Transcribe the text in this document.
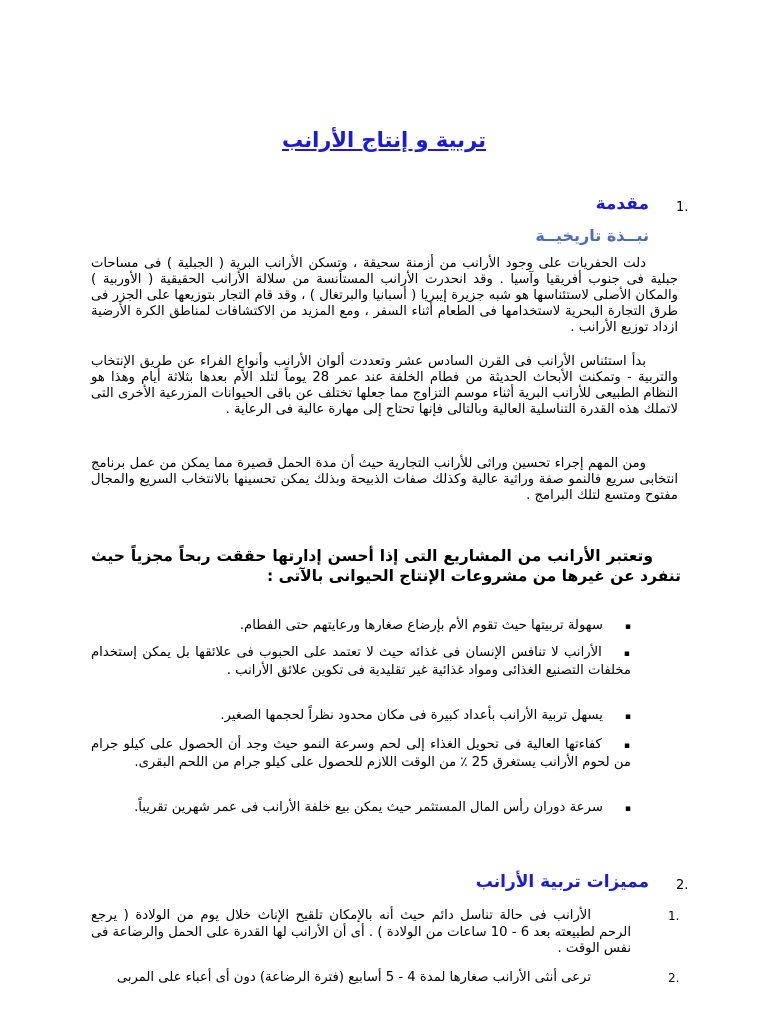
تربية و إنتاج الأرانب
1.
مقدمة
نبــذة تاريخيــة
دلت الحفريات على وجود الأرانب من أزمنة سحيقة ، وتسكن الأرانب البرية ( الجبلية ) فى مساحات جبلية فى جنوب أفريقيا وآسيا . وقد انحدرت الأرانب المستأنسة من سلالة الأرانب الحقيقية ( الأوربية ) والمكان الأصلى لاستئناسها هو شبه جزيرة إيبريا ( أسبانيا والبرتغال ) ، وقد قام التجار بتوزيعها على الجزر فى طرق التجارة البحرية لاستخدامها فى الطعام أثناء السفر ، ومع المزيد من الاكتشافات لمناطق الكرة الأرضية ازداد توزيع الأرانب .
بدأ استئناس الأرانب فى القرن السادس عشر وتعددت ألوان الأرانب وأنواع الفراء عن طريق الإنتخاب والتربية - وتمكنت الأبحاث الحديثة من فطام الخلفة عند عمر 28 يوماً لتلد الأم بعدها بثلاثة أيام وهذا هو النظام الطبيعى للأرانب البرية أثناء موسم التزاوج مما جعلها تختلف عن باقى الحيوانات المزرعية الأخرى التى لاتملك هذه القدرة التناسلية العالية وبالتالى فإنها تحتاج إلى مهارة عالية فى الرعاية .
ومن المهم إجراء تحسين وراثى للأرانب التجارية حيث أن مدة الحمل قصيرة مما يمكن من عمل برنامج انتخابى سريع فالنمو صفة وراثية عالية وكذلك صفات الذبيحة وبذلك يمكن تحسينها بالانتخاب السريع والمجال مفتوح ومتسع لتلك البرامج .
وتعتبر الأرانب من المشاريع التى إذا أحسن إدارتها حققت ربحاً مجزياً حيث تنفرد عن غيرها من مشروعات الإنتاج الحيوانى بالآتى :
▪سهولة تربيتها حيث تقوم الأم بإرضاع صغارها ورعايتهم حتى الفطام.
▪الأرانب لا تنافس الإنسان فى غذائه حيث لا تعتمد على الحبوب فى علائقها بل يمكن إستخدام مخلفات التصنيع الغذائى ومواد غذائية غير تقليدية فى تكوين علائق الأرانب .
▪يسهل تربية الأرانب بأعداد كبيرة فى مكان محدود نظراً لحجمها الصغير.
▪كفاءتها العالية فى تحويل الغذاء إلى لحم وسرعة النمو حيث وجد أن الحصول على كيلو جرام من لحوم الأرانب يستغرق 25 ٪ من الوقت اللازم للحصول على كيلو جرام من اللحم البقرى.
▪سرعة دوران رأس المال المستثمر حيث يمكن بيع خلفة الأرانب فى عمر شهرين تقريباً.
2.
مميزات تربية الأرانب
1.
الأرانب فى حالة تناسل دائم حيث أنه بالإمكان تلقيح الإناث خلال يوم من الولادة ( يرجع الرحم لطبيعته بعد 6 - 10 ساعات من الولادة ) . أى أن الأرانب لها القدرة على الحمل والرضاعة فى نفس الوقت .
2.
ترعى أنثى الأرانب صغارها لمدة 4 - 5 أسابيع (فترة الرضاعة) دون أى أعباء على المربى
